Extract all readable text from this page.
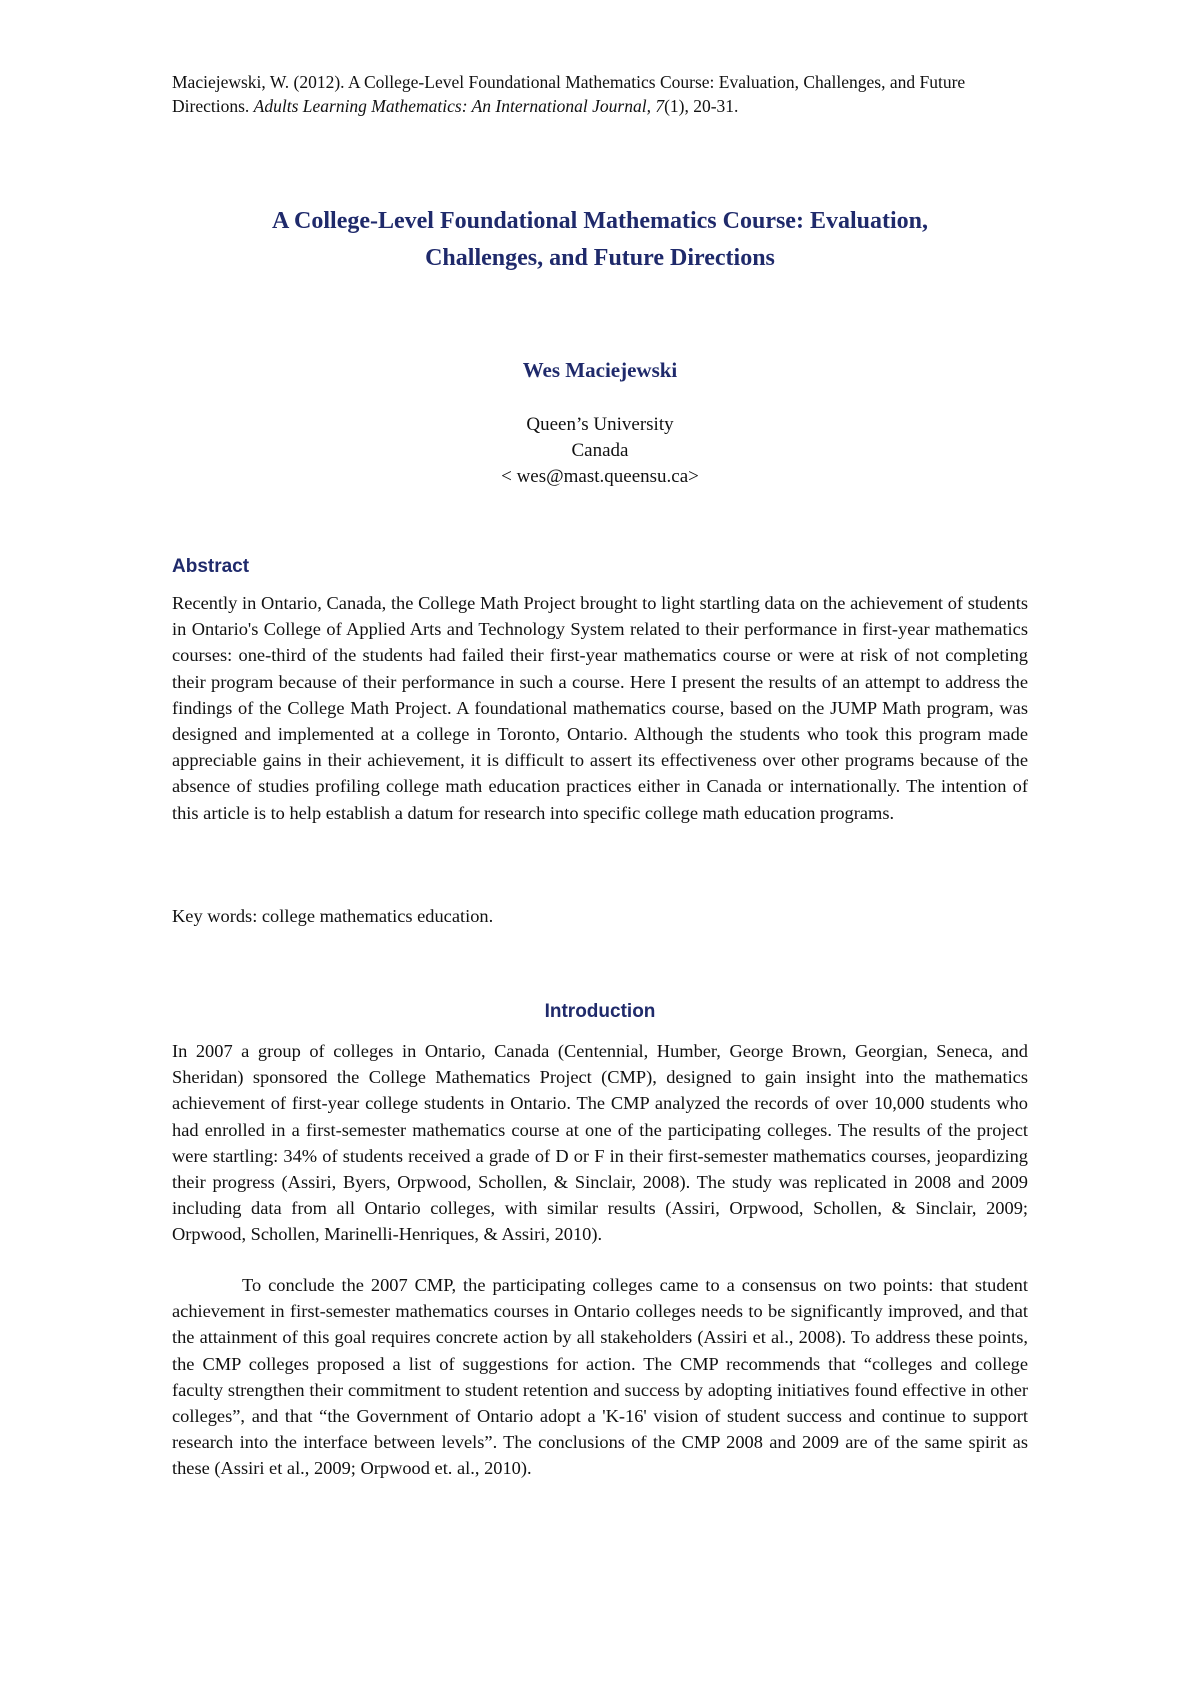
Maciejewski, W. (2012). A College-Level Foundational Mathematics Course: Evaluation, Challenges, and Future Directions. Adults Learning Mathematics: An International Journal, 7(1), 20-31.

A College-Level Foundational Mathematics Course: Evaluation,
Challenges, and Future Directions

Wes Maciejewski

Queen’s University
Canada
< wes@mast.queensu.ca>
Abstract

Recently in Ontario, Canada, the College Math Project brought to light startling data on the achievement of students in Ontario's College of Applied Arts and Technology System related to their performance in first-year mathematics courses: one-third of the students had failed their first-year mathematics course or were at risk of not completing their program because of their performance in such a course. Here I present the results of an attempt to address the findings of the College Math Project. A foundational mathematics course, based on the JUMP Math program, was designed and implemented at a college in Toronto, Ontario. Although the students who took this program made appreciable gains in their achievement, it is difficult to assert its effectiveness over other programs because of the absence of studies profiling college math education practices either in Canada or internationally. The intention of this article is to help establish a datum for research into specific college math education programs.

Key words: college mathematics education.

Introduction

In 2007 a group of colleges in Ontario, Canada (Centennial, Humber, George Brown, Georgian, Seneca, and Sheridan) sponsored the College Mathematics Project (CMP), designed to gain insight into the mathematics achievement of first-year college students in Ontario. The CMP analyzed the records of over 10,000 students who had enrolled in a first-semester mathematics course at one of the participating colleges. The results of the project were startling: 34% of students received a grade of D or F in their first-semester mathematics courses, jeopardizing their progress (Assiri, Byers, Orpwood, Schollen, & Sinclair, 2008). The study was replicated in 2008 and 2009 including data from all Ontario colleges, with similar results (Assiri, Orpwood, Schollen, & Sinclair, 2009; Orpwood, Schollen, Marinelli-Henriques, & Assiri, 2010).

To conclude the 2007 CMP, the participating colleges came to a consensus on two points: that student achievement in first-semester mathematics courses in Ontario colleges needs to be significantly improved, and that the attainment of this goal requires concrete action by all stakeholders (Assiri et al., 2008). To address these points, the CMP colleges proposed a list of suggestions for action. The CMP recommends that “colleges and college faculty strengthen their commitment to student retention and success by adopting initiatives found effective in other colleges”, and that “the Government of Ontario adopt a 'K-16' vision of student success and continue to support research into the interface between levels”. The conclusions of the CMP 2008 and 2009 are of the same spirit as these (Assiri et al., 2009; Orpwood et. al., 2010).
